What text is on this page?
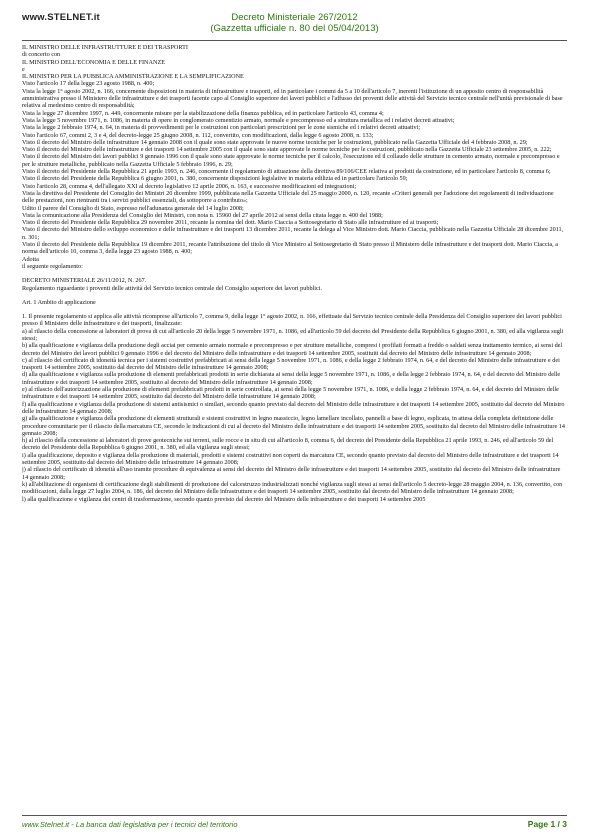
www.STELNET.it	Decreto Ministeriale 267/2012
(Gazzetta ufficiale n. 80 del 05/04/2013)

IL MINISTRO DELLE INFRASTRUTTURE E DEI TRASPORTI

di concerto con

IL MINISTRO DELL'ECONOMIA E DELLE FINANZE

e

IL MINISTRO PER LA PUBBLICA AMMINISTRAZIONE E LA SEMPLIFICAZIONE

Visto l'articolo 17 della legge 23 agosto 1988, n. 400;

Vista la legge 1° agosto 2002, n. 166, concernente disposizioni in materia di infrastrutture e trasporti, ed in particolare i commi da 5 a 10 dell'articolo 7, inerenti l'istituzione di un apposito centro di responsabilità amministrativa presso il Ministero delle infrastrutture e dei trasporti facente capo al Consiglio superiore dei lavori pubblici e l'affusso dei proventi delle attività del Servizio tecnico centrale nell'unità previsionale di base relativa al medesimo centro di responsabilità;

Vista la legge 27 dicembre 1997, n. 449, concernente misure per la stabilizzazione della finanza pubblica, ed in particolare l'articolo 43, comma 4;

Vista la legge 5 novembre 1971, n. 1086, in materia di opere in conglomerato cementizio armato, normale e precompresso ed a struttura metallica ed i relativi decreti attuativi;

Vista la legge 2 febbraio 1974, n. 64, in materia di provvedimenti per le costruzioni con particolari prescrizioni per le zone sismiche ed i relativi decreti attuativi;

Visto l'articolo 67, commi 2, 3 e 4, del decreto-legge 25 giugno 2008, n. 112, convertito, con modificazioni, dalla legge 6 agosto 2008, n. 133;

Visto il decreto del Ministro delle infrastrutture 14 gennaio 2008 con il quale sono state approvate le nuove norme tecniche per le costruzioni, pubblicato nella Gazzetta Ufficiale del 4 febbraio 2008, n. 29;

Visto il decreto del Ministro delle infrastrutture e dei trasporti 14 settembre 2005 con il quale sono state approvate le norme tecniche per le costruzioni, pubblicato nella Gazzetta Ufficiale 23 settembre 2005, n. 222;

Visto il decreto del Ministro dei lavori pubblici 9 gennaio 1996 con il quale sono state approvate le norme tecniche per il calcolo, l'esecuzione ed il collaudo delle strutture in cemento armato, normale e precompresso e per le strutture metalliche, pubblicato nella Gazzetta Ufficiale 5 febbraio 1996, n. 29;

Visto il decreto del Presidente della Repubblica 21 aprile 1993, n. 246, concernente il regolamento di attuazione della direttiva 89/106/CEE relativa ai prodotti da costruzione, ed in particolare l'articolo 8, comma 6;

Visto il decreto del Presidente della Repubblica 6 giugno 2001, n. 380, concernente disposizioni legislative in materia edilizia ed in particolare l'articolo 59;

Visto l'articolo 28, comma 4, dell'allegato XXI al decreto legislativo 12 aprile 2006, n. 163, e successive modificazioni ed integrazioni;

Vista la direttiva del Presidente del Consiglio dei Ministri 20 dicembre 1999, pubblicata nella Gazzetta Ufficiale del 25 maggio 2000, n. 120, recante «Criteri generali per l'adozione dei regolamenti di individuazione delle prestazioni, non rientranti tra i servizi pubblici essenziali, da sottoporre a contributo»;

Udito il parere del Consiglio di Stato, espresso nell'adunanza generale del 14 luglio 2008;

Vista la comunicazione alla Presidenza del Consiglio dei Ministri, con nota n. 15960 del 27 aprile 2012 ai sensi della citata legge n. 400 del 1988;

Visto il decreto del Presidente della Repubblica 29 novembre 2011, recante la nomina del dott. Mario Ciaccia a Sottosegretario di Stato alle infrastrutture ed ai trasporti;

Visto il decreto del Ministro dello sviluppo economico e delle infrastrutture e dei trasporti 13 dicembre 2011, recante la delega al Vice Ministro dott. Mario Ciaccia, pubblicato nella Gazzetta Ufficiale 28 dicembre 2011, n. 301;

Visto il decreto del Presidente della Repubblica 19 dicembre 2011, recante l'attribuzione del titolo di Vice Ministro al Sottosegretario di Stato presso il Ministero delle infrastrutture e dei trasporti dott. Mario Ciaccia, a norma dell'articolo 10, comma 3, della legge 23 agosto 1988, n. 400;

Adotta

il seguente regolamento:

DECRETO MINISTERIALE 26/11/2012, N. 267.

Regolamento riguardante i proventi delle attività del Servizio tecnico centrale del Consiglio superiore dei lavori pubblici.

Art. 1 Ambito di applicazione

1. Il presente regolamento si applica alle attività ricomprese all'articolo 7, comma 9, della legge 1° agosto 2002, n. 166, effettuate dal Servizio tecnico centrale della Presidenza del Consiglio superiore dei lavori pubblici presso il Ministero delle infrastrutture e dei trasporti, finalizzate:

a) al rilascio della concessione ai laboratori di prova di cui all'articolo 20 della legge 5 novembre 1971, n. 1086, ed all'articolo 59 del decreto del Presidente della Repubblica 6 giugno 2001, n. 380, ed alla vigilanza sugli stessi;

b) alla qualificazione e vigilanza della produzione degli acciai per cemento armato normale e precompresso e per strutture metalliche, compresi i profilati formati a freddo o saldati senza trattamento termico, ai sensi del decreto del Ministro dei lavori pubblici 9 gennaio 1996 e del decreto del Ministro delle infrastrutture e dei trasporti 14 settembre 2005, sostituiti dal decreto del Ministro delle infrastrutture 14 gennaio 2008;

c) al rilascio del certificato di idoneità tecnica per i sistemi costruttivi prefabbricati ai sensi della legge 5 novembre 1971, n. 1086, e della legge 2 febbraio 1974, n. 64, e del decreto del Ministro delle infrastrutture e dei trasporti 14 settembre 2005, sostituito dal decreto del Ministro delle infrastrutture 14 gennaio 2008;

d) alla qualificazione e vigilanza sulla produzione di elementi prefabbricati prodotti in serie dichiarata ai sensi della legge 5 novembre 1971, n. 1086, e della legge 2 febbraio 1974, n. 64, e del decreto del Ministro delle infrastrutture e dei trasporti 14 settembre 2005, sostituito al decreto del Ministro delle infrastrutture 14 gennaio 2008;

e) al rilascio dell'autorizzazione alla produzione di elementi prefabbricati prodotti in serie controllata, ai sensi della legge 5 novembre 1971, n. 1086, e della legge 2 febbraio 1974, n. 64, e del decreto del Ministro delle infrastrutture e dei trasporti 14 settembre 2005, sostituito dal decreto del Ministro delle infrastrutture 14 gennaio 2008;

f) alla qualificazione e vigilanza della produzione di sistemi antisismici o similari, secondo quanto previsto dal decreto del Ministro delle infrastrutture e dei trasporti 14 settembre 2005, sostituito dal decreto del Ministro delle infrastrutture 14 gennaio 2008;

g) alla qualificazione e vigilanza della produzione di elementi strutturali e sistemi costruttivi in legno massiccio, legno lamellare incollato, pannelli a base di legno, esplicata, in attesa della completa definizione delle procedure comunitarie per il rilascio della marcatura CE, secondo le indicazioni di cui al decreto del Ministro delle infrastrutture e dei trasporti 14 settembre 2005, sostituito dal decreto del Ministro delle infrastrutture 14 gennaio 2008;

h) al rilascio della concessione ai laboratori di prove geotecniche sui terreni, sulle rocce e in situ di cui all'articolo 8, comma 6, del decreto del Presidente della Repubblica 21 aprile 1993, n. 246, ed all'articolo 59 del decreto del Presidente della Repubblica 6 giugno 2001, n. 380, ed alla vigilanza sugli stessi;

i) alla qualificazione, deposito e vigilanza della produzione di materiali, prodotti e sistemi costruttivi non coperti da marcatura CE, secondo quanto previsto dal decreto del Ministro delle infrastrutture e dei trasporti 14 settembre 2005, sostituito dal decreto del Ministro delle infrastrutture 14 gennaio 2008;

j) al rilascio del certificato di idoneità all'uso tramite procedure di equivalenza ai sensi del decreto del Ministro delle infrastrutture e dei trasporti 14 settembre 2005, sostituito dal decreto del Ministro delle infrastrutture 14 gennaio 2008;

k) all'abilitazione di organismi di certificazione degli stabilimenti di produzione del calcestruzzo industrializzati nonché vigilanza sugli stessi ai sensi dell'articolo 5 decreto-legge 28 maggio 2004, n. 136, convertito, con modificazioni, dalla legge 27 luglio 2004, n. 186, del decreto del Ministro delle infrastrutture e dei trasporti 14 settembre 2005, sostituito dal decreto del Ministro delle infrastrutture 14 gennaio 2008;

l) alla qualificazione e vigilanza dei centri di trasformazione, secondo quanto previsto dal decreto del Ministro delle infrastrutture e dei trasporti 14 settembre 2005

www.Stelnet.it - La banca dati legislativa per i tecnici del territorio	Page 1 / 3
